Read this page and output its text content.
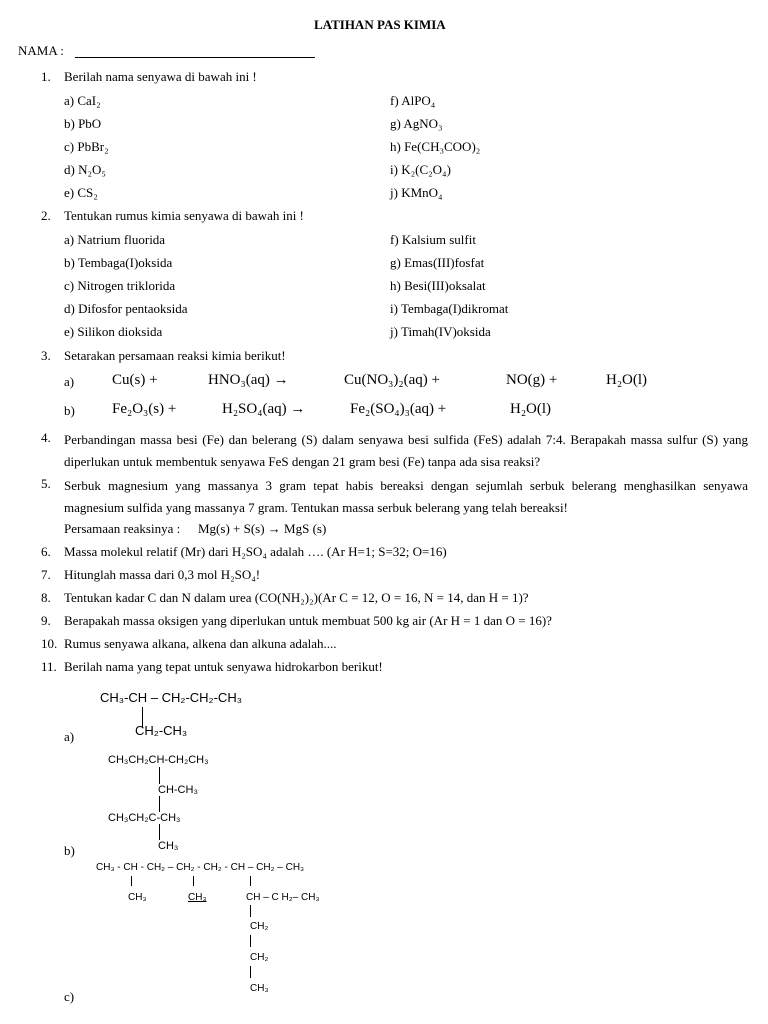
LATIHAN PAS KIMIA
NAMA :
1. Berilah nama senyawa di bawah ini !
a) CaI₂
b) PbO
c) PbBr₂
d) N₂O₅
e) CS₂
f) AlPO₄
g) AgNO₃
h) Fe(CH₃COO)₂
i) K₂(C₂O₄)
j) KMnO₄
2. Tentukan rumus kimia senyawa di bawah ini !
a) Natrium fluorida
b) Tembaga(I)oksida
c) Nitrogen triklorida
d) Difosfor pentaoksida
e) Silikon dioksida
f) Kalsium sulfit
g) Emas(III)fosfat
h) Besi(III)oksalat
i) Tembaga(I)dikromat
j) Timah(IV)oksida
3. Setarakan persamaan reaksi kimia berikut!
a)	Cu(s) +	HNO₃(aq) →	Cu(NO₃)₂(aq) +	NO(g) +	H₂O(l)
b) Fe₂O₃(s) +	H₂SO₄(aq) →	Fe₂(SO₄)₃(aq) +	H₂O(l)
4. Perbandingan massa besi (Fe) dan belerang (S) dalam senyawa besi sulfida (FeS) adalah 7:4. Berapakah massa sulfur (S) yang diperlukan untuk membentuk senyawa FeS dengan 21 gram besi (Fe) tanpa ada sisa reaksi?
5. Serbuk magnesium yang massanya 3 gram tepat habis bereaksi dengan sejumlah serbuk belerang menghasilkan senyawa magnesium sulfida yang massanya 7 gram. Tentukan massa serbuk belerang yang telah bereaksi!
Persamaan reaksinya : Mg(s) + S(s) → MgS (s)
6. Massa molekul relatif (Mr) dari H₂SO₄ adalah …. (Ar H=1; S=32; O=16)
7. Hitunglah massa dari 0,3 mol H₂SO₄!
8. Tentukan kadar C dan N dalam urea (CO(NH₂)₂)(Ar C = 12, O = 16, N = 14, dan H = 1)?
9. Berapakah massa oksigen yang diperlukan untuk membuat 500 kg air (Ar H = 1 dan O = 16)?
10. Rumus senyawa alkana, alkena dan alkuna adalah....
11. Berilah nama yang tepat untuk senyawa hidrokarbon berikut!
CH₃-CH – CH₂-CH₂-CH₃
CH₂-CH₃
a)
CH₃CH₂CH-CH₂CH₃
CH-CH₃
CH₃CH₂C-CH₃
CH₃
b)
CH₃ - CH - CH₂ – CH₂ - CH₂ - CH – CH₂ – CH₃
CH₃	CH₃	CH – C H₂– CH₃
CH₂
CH₂
CH₃
c)
